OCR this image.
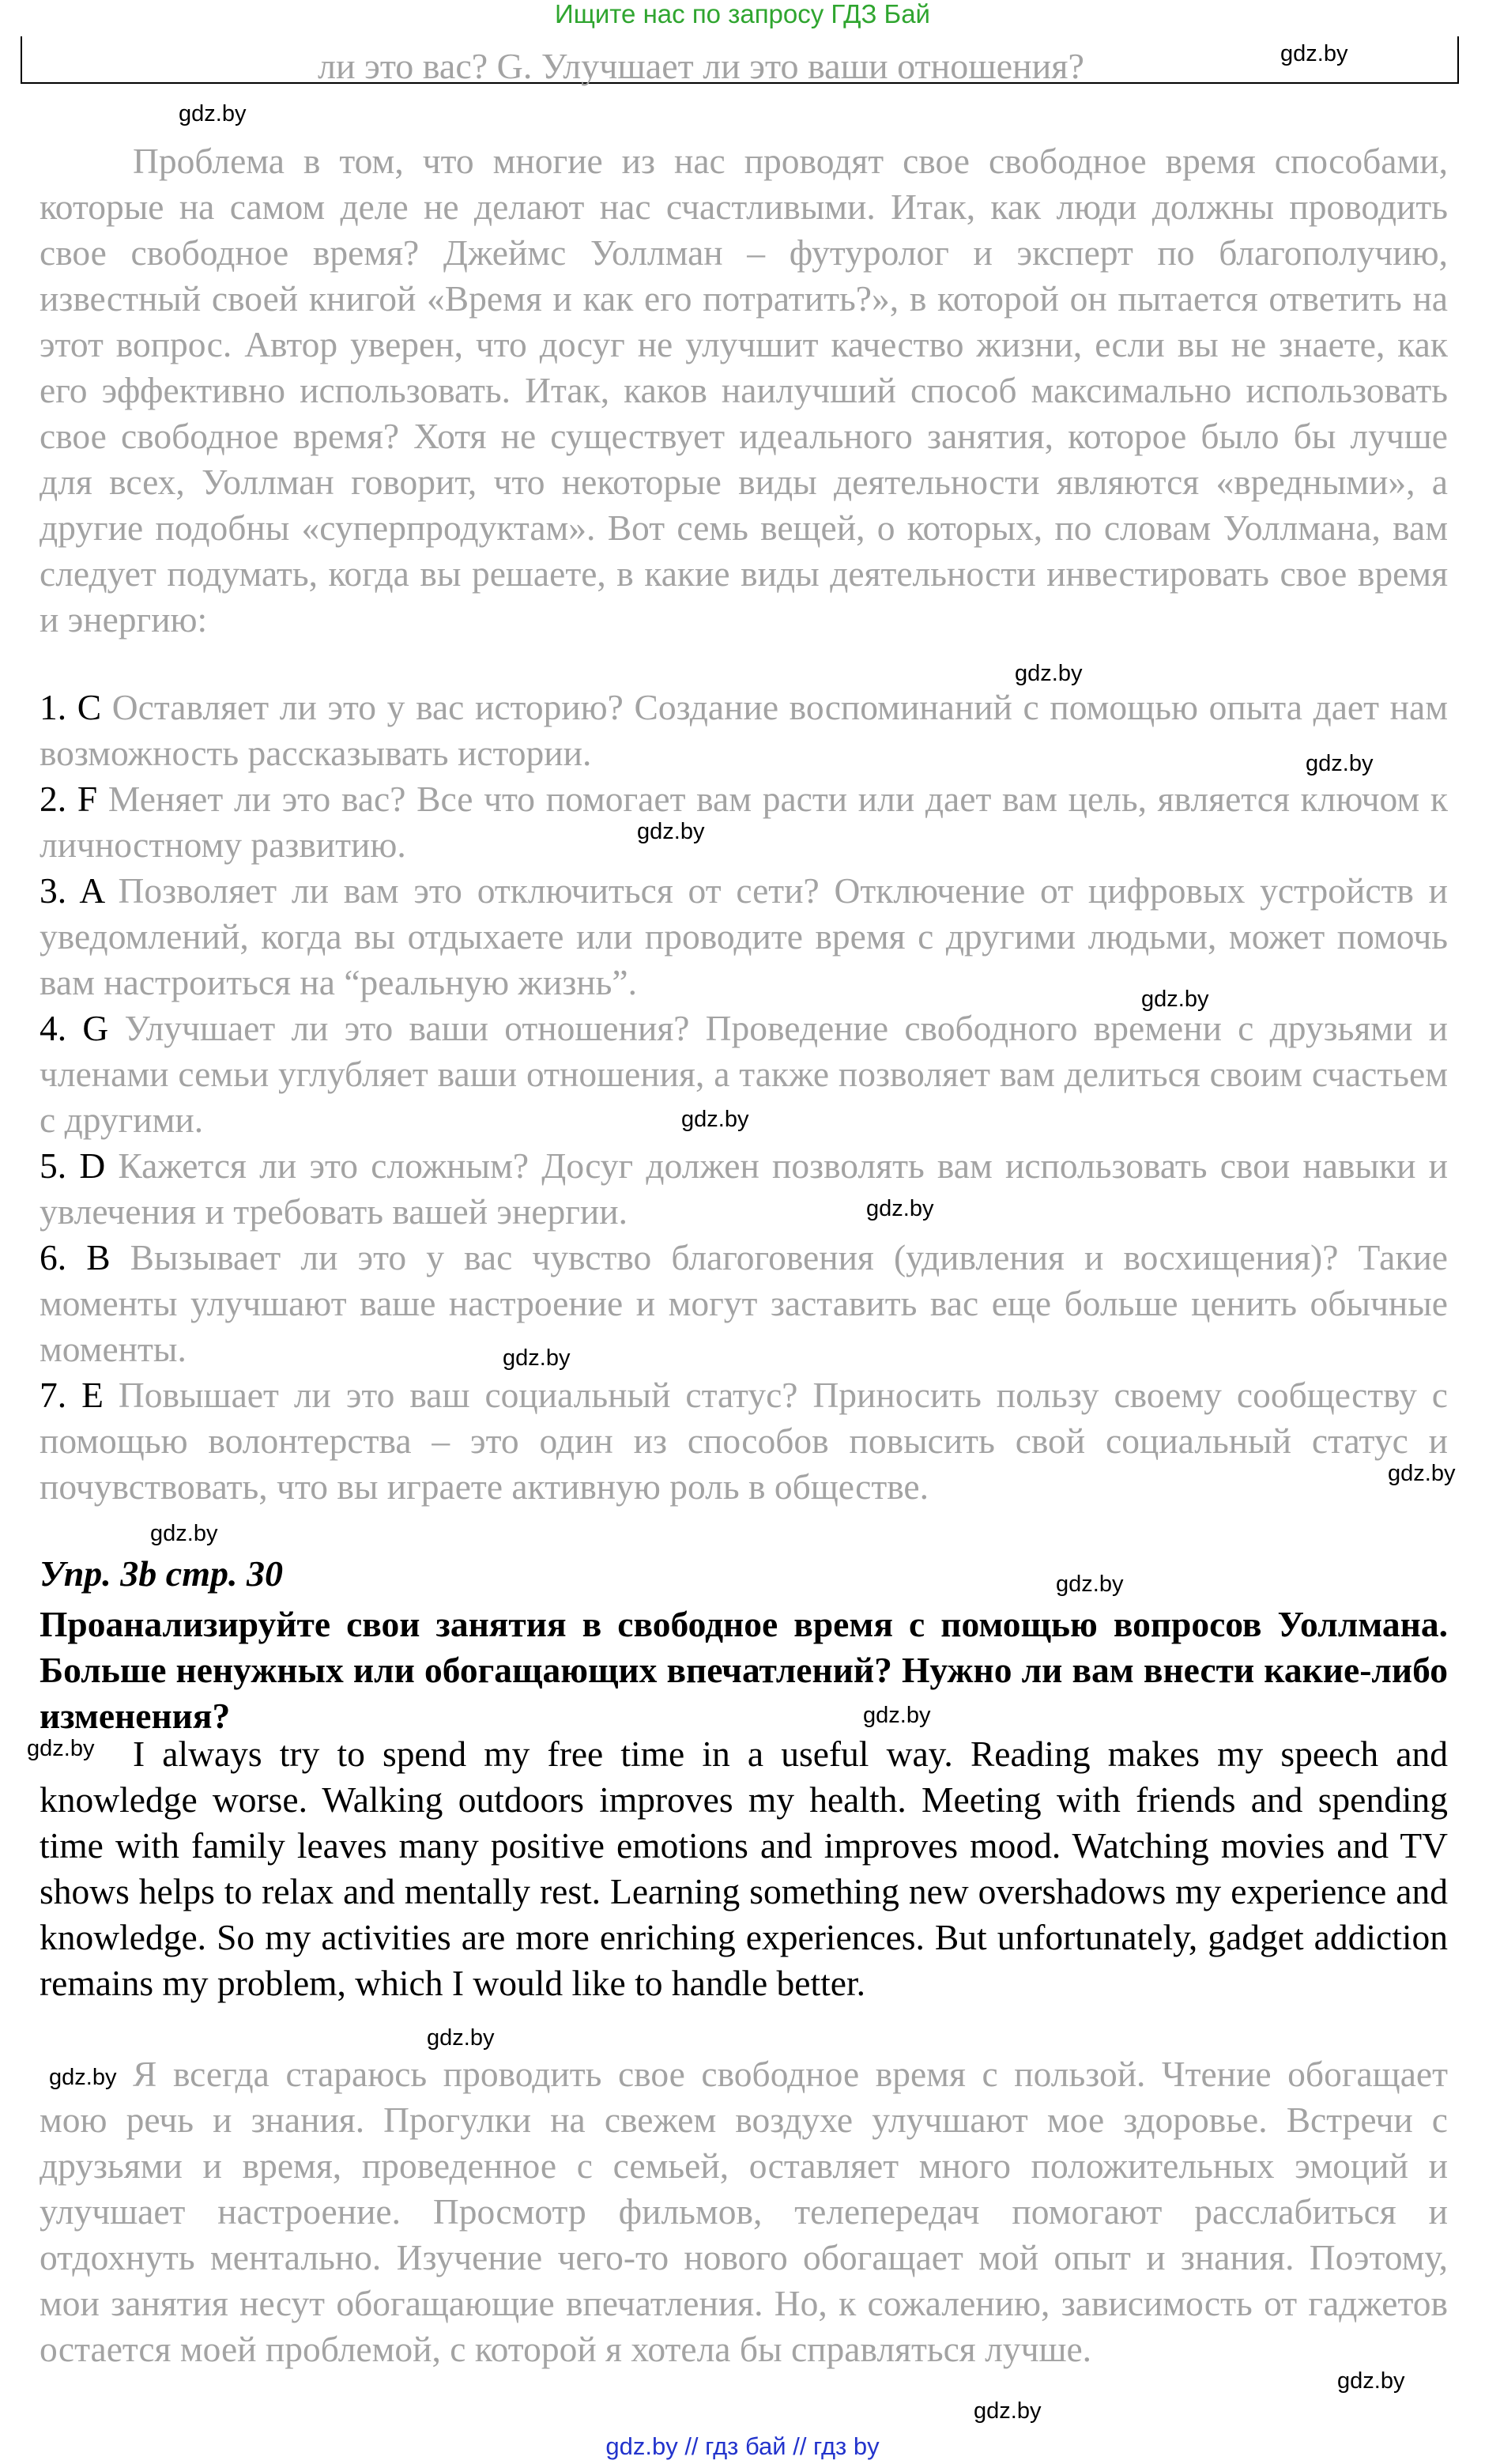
Ищите нас по запросу ГДЗ Бай
ли это вас? G. Улучшает ли это ваши отношения?

Проблема в том, что многие из нас проводят свое свободное время способами, которые на самом деле не делают нас счастливыми. Итак, как люди должны проводить свое свободное время? Джеймс Уоллман – футуролог и эксперт по благополучию, известный своей книгой «Время и как его потратить?», в которой он пытается ответить на этот вопрос. Автор уверен, что досуг не улучшит качество жизни, если вы не знаете, как его эффективно использовать. Итак, каков наилучший способ максимально использовать свое свободное время? Хотя не существует идеального занятия, которое было бы лучше для всех, Уоллман говорит, что некоторые виды деятельности являются «вредными», а другие подобны «суперпродуктам». Вот семь вещей, о которых, по словам Уоллмана, вам следует подумать, когда вы решаете, в какие виды деятельности инвестировать свое время и энергию:

1. C Оставляет ли это у вас историю? Создание воспоминаний с помощью опыта дает нам возможность рассказывать истории.

2. F Меняет ли это вас? Все что помогает вам расти или дает вам цель, является ключом к личностному развитию.

3. A Позволяет ли вам это отключиться от сети? Отключение от цифровых устройств и уведомлений, когда вы отдыхаете или проводите время с другими людьми, может помочь вам настроиться на “реальную жизнь”.

4. G Улучшает ли это ваши отношения? Проведение свободного времени с друзьями и членами семьи углубляет ваши отношения, а также позволяет вам делиться своим счастьем с другими.

5. D Кажется ли это сложным? Досуг должен позволять вам использовать свои навыки и увлечения и требовать вашей энергии.

6. B Вызывает ли это у вас чувство благоговения (удивления и восхищения)? Такие моменты улучшают ваше настроение и могут заставить вас еще больше ценить обычные моменты.

7. E Повышает ли это ваш социальный статус? Приносить пользу своему сообществу с помощью волонтерства – это один из способов повысить свой социальный статус и почувствовать, что вы играете активную роль в обществе.

Упр. 3b стр. 30

Проанализируйте свои занятия в свободное время с помощью вопросов Уоллмана. Больше ненужных или обогащающих впечатлений? Нужно ли вам внести какие-либо изменения?

I always try to spend my free time in a useful way. Reading makes my speech and knowledge worse. Walking outdoors improves my health. Meeting with friends and spending time with family leaves many positive emotions and improves mood. Watching movies and TV shows helps to relax and mentally rest. Learning something new overshadows my experience and knowledge. So my activities are more enriching experiences. But unfortunately, gadget addiction remains my problem, which I would like to handle better.

Я всегда стараюсь проводить свое свободное время с пользой. Чтение обогащает мою речь и знания. Прогулки на свежем воздухе улучшают мое здоровье. Встречи с друзьями и время, проведенное с семьей, оставляет много положительных эмоций и улучшает настроение. Просмотр фильмов, телепередач помогают расслабиться и отдохнуть ментально. Изучение чего-то нового обогащает мой опыт и знания. Поэтому, мои занятия несут обогащающие впечатления. Но, к сожалению, зависимость от гаджетов остается моей проблемой, с которой я хотела бы справляться лучше.

gdz.by
gdz.by
gdz.by
gdz.by
gdz.by
gdz.by
gdz.by
gdz.by
gdz.by
gdz.by
gdz.by
gdz.by
gdz.by
gdz.by
gdz.by
gdz.by
gdz.by
gdz.by
gdz.by // гдз бай // гдз by
